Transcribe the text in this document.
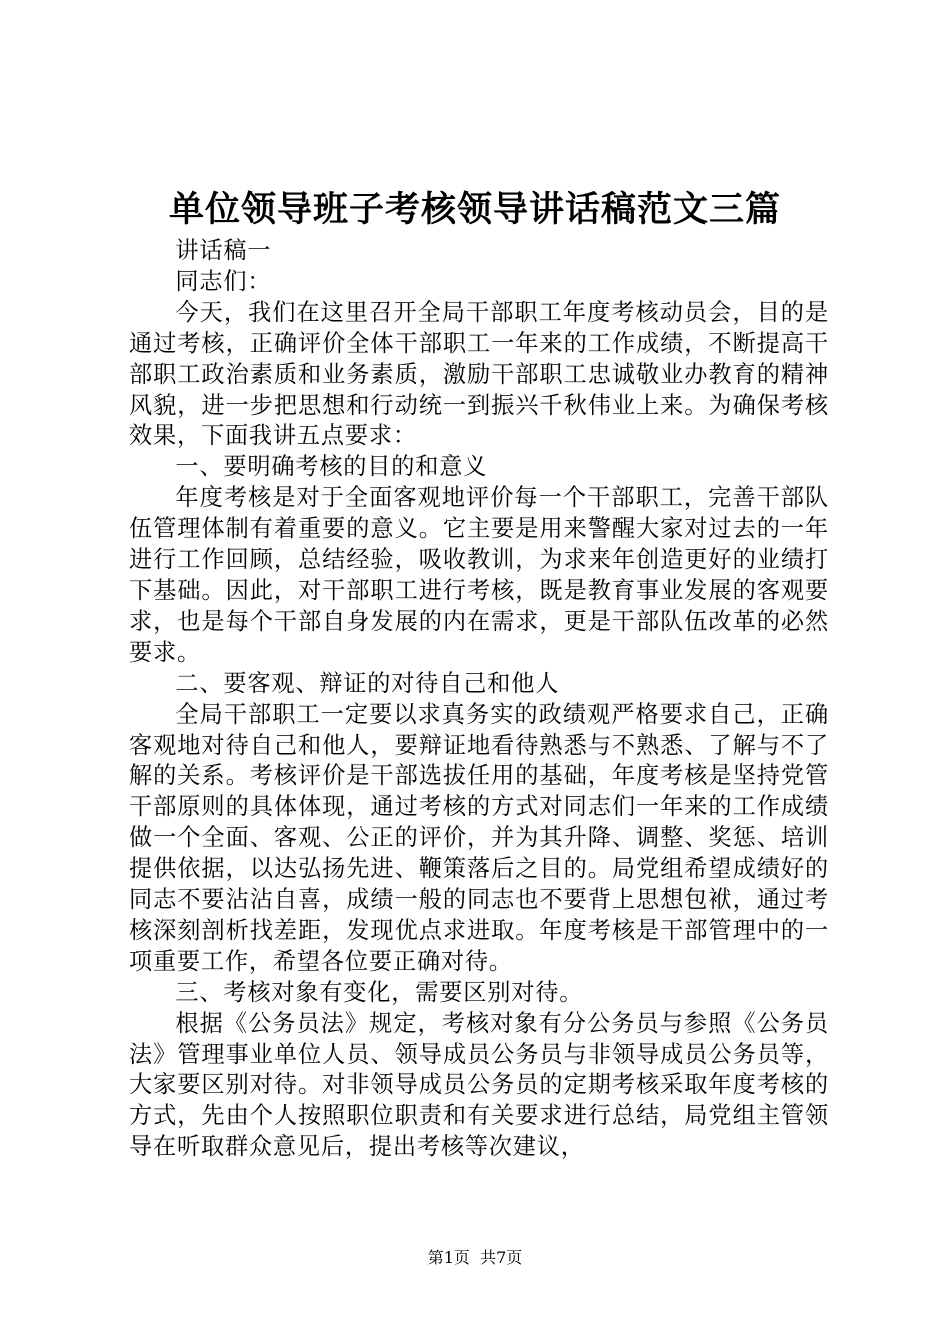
单位领导班子考核领导讲话稿范文三篇

讲话稿一

同志们：

今天，我们在这里召开全局干部职工年度考核动员会，目的是通过考核，正确评价全体干部职工一年来的工作成绩，不断提高干部职工政治素质和业务素质，激励干部职工忠诚敬业办教育的精神风貌，进一步把思想和行动统一到振兴千秋伟业上来。为确保考核效果，下面我讲五点要求：

一、要明确考核的目的和意义

年度考核是对于全面客观地评价每一个干部职工，完善干部队伍管理体制有着重要的意义。它主要是用来警醒大家对过去的一年进行工作回顾，总结经验，吸收教训，为求来年创造更好的业绩打下基础。因此，对干部职工进行考核，既是教育事业发展的客观要求，也是每个干部自身发展的内在需求，更是干部队伍改革的必然要求。

二、要客观、辩证的对待自己和他人

全局干部职工一定要以求真务实的政绩观严格要求自己，正确客观地对待自己和他人，要辩证地看待熟悉与不熟悉、了解与不了解的关系。考核评价是干部选拔任用的基础，年度考核是坚持党管干部原则的具体体现，通过考核的方式对同志们一年来的工作成绩做一个全面、客观、公正的评价，并为其升降、调整、奖惩、培训提供依据，以达弘扬先进、鞭策落后之目的。局党组希望成绩好的同志不要沾沾自喜，成绩一般的同志也不要背上思想包袱，通过考核深刻剖析找差距，发现优点求进取。年度考核是干部管理中的一项重要工作，希望各位要正确对待。

三、考核对象有变化，需要区别对待。

根据《公务员法》规定，考核对象有分公务员与参照《公务员法》管理事业单位人员、领导成员公务员与非领导成员公务员等，大家要区别对待。对非领导成员公务员的定期考核采取年度考核的方式，先由个人按照职位职责和有关要求进行总结，局党组主管领导在听取群众意见后，提出考核等次建议，

第1页  共7页
